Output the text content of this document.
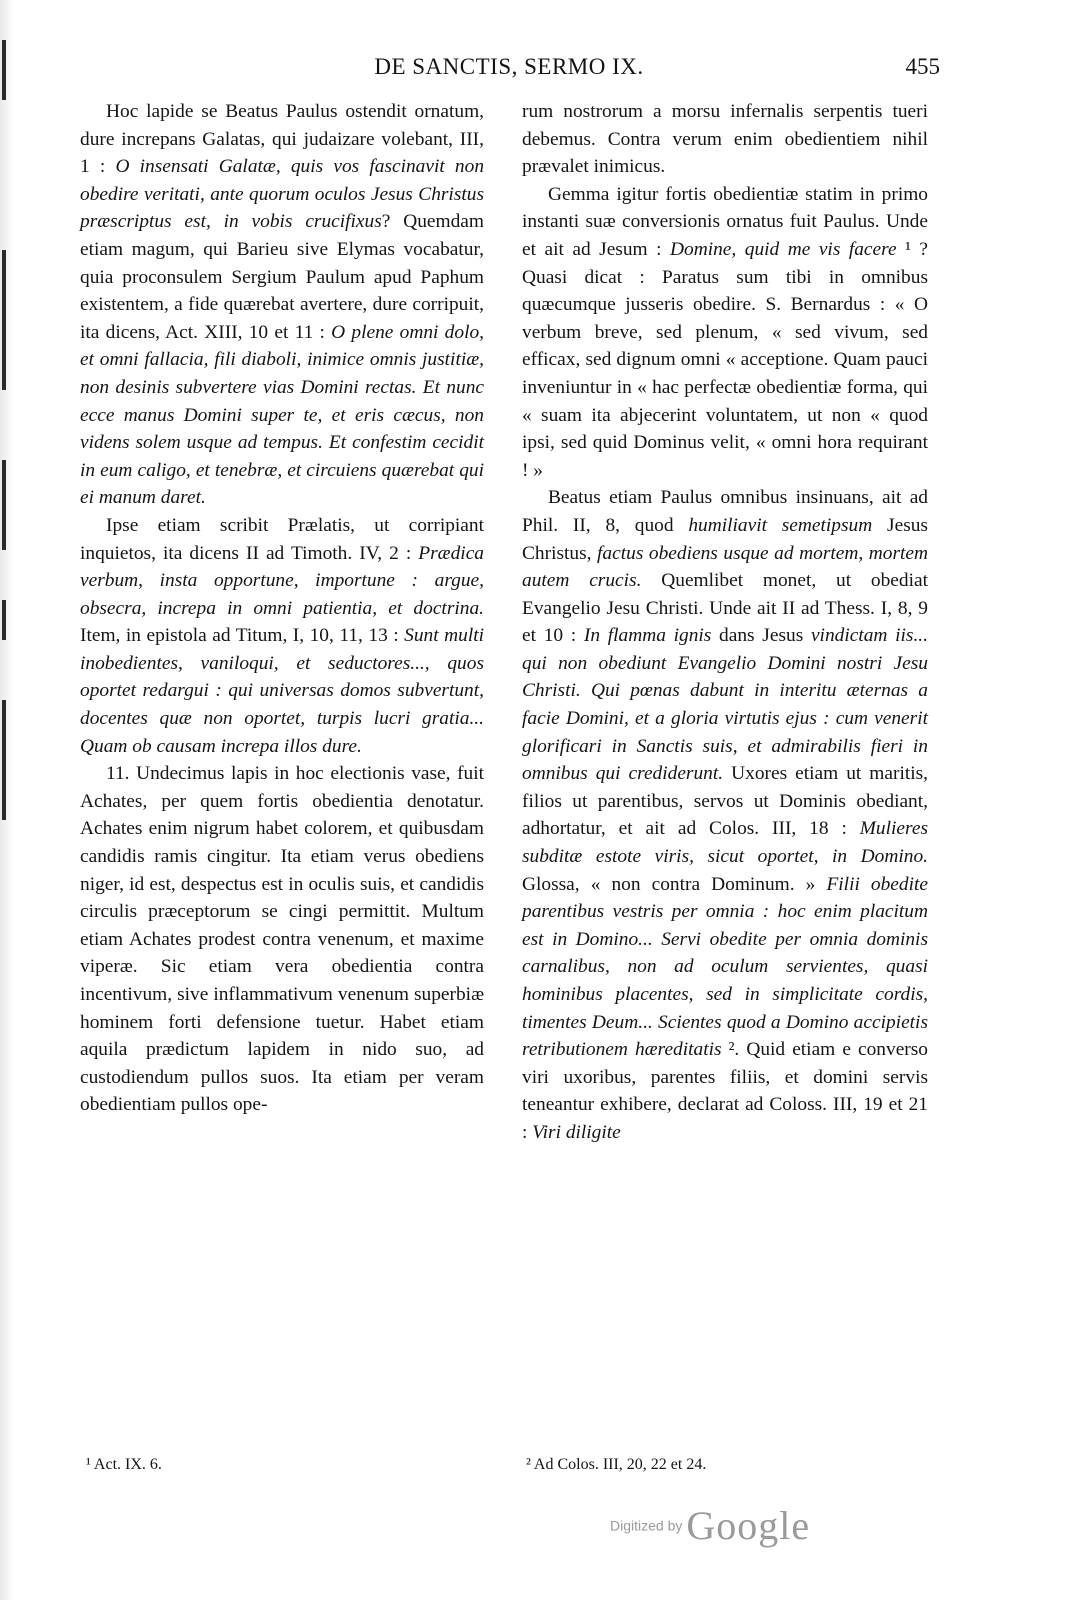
DE SANCTIS, SERMO IX.	455

Hoc lapide se Beatus Paulus ostendit ornatum, dure increpans Galatas, qui judaizare volebant, III, 1 : O insensati Galatæ, quis vos fascinavit non obedire veritati, ante quorum oculos Jesus Christus præscriptus est, in vobis crucifixus? Quemdam etiam magum, qui Barieu sive Elymas vocabatur, quia proconsulem Sergium Paulum apud Paphum existentem, a fide quærebat avertere, dure corripuit, ita dicens, Act. XIII, 10 et 11 : O plene omni dolo, et omni fallacia, fili diaboli, inimice omnis justitiæ, non desinis subvertere vias Domini rectas. Et nunc ecce manus Domini super te, et eris cæcus, non videns solem usque ad tempus. Et confestim cecidit in eum caligo, et tenebræ, et circuiens quærebat qui ei manum daret.

Ipse etiam scribit Prælatis, ut corripiant inquietos, ita dicens II ad Timoth. IV, 2 : Prædica verbum, insta opportune, importune : argue, obsecra, increpa in omni patientia, et doctrina. Item, in epistola ad Titum, I, 10, 11, 13 : Sunt multi inobedientes, vaniloqui, et seductores..., quos oportet redargui : qui universas domos subvertunt, docentes quæ non oportet, turpis lucri gratia... Quam ob causam increpa illos dure.

11. Undecimus lapis in hoc electionis vase, fuit Achates, per quem fortis obedientia denotatur. Achates enim nigrum habet colorem, et quibusdam candidis ramis cingitur. Ita etiam verus obediens niger, id est, despectus est in oculis suis, et candidis circulis præceptorum se cingi permittit. Multum etiam Achates prodest contra venenum, et maxime viperæ. Sic etiam vera obedientia contra incentivum, sive inflammativum venenum superbiæ hominem forti defensione tuetur. Habet etiam aquila prædictum lapidem in nido suo, ad custodiendum pullos suos. Ita etiam per veram obedientiam pullos ope-

rum nostrorum a morsu infernalis serpentis tueri debemus. Contra verum enim obedientiem nihil prævalet inimicus.

Gemma igitur fortis obedientiæ statim in primo instanti suæ conversionis ornatus fuit Paulus. Unde et ait ad Jesum : Domine, quid me vis facere ¹ ? Quasi dicat : Paratus sum tibi in omnibus quæcumque jusseris obedire. S. Bernardus : « O verbum breve, sed plenum, « sed vivum, sed efficax, sed dignum omni « acceptione. Quam pauci inveniuntur in « hac perfectæ obedientiæ forma, qui « suam ita abjecerint voluntatem, ut non « quod ipsi, sed quid Dominus velit, « omni hora requirant ! »

Beatus etiam Paulus omnibus insinuans, ait ad Phil. II, 8, quod humiliavit semetipsum Jesus Christus, factus obediens usque ad mortem, mortem autem crucis. Quemlibet monet, ut obediat Evangelio Jesu Christi. Unde ait II ad Thess. I, 8, 9 et 10 : In flamma ignis dans Jesus vindictam iis... qui non obediunt Evangelio Domini nostri Jesu Christi. Qui pœnas dabunt in interitu æternas a facie Domini, et a gloria virtutis ejus : cum venerit glorificari in Sanctis suis, et admirabilis fieri in omnibus qui crediderunt. Uxores etiam ut maritis, filios ut parentibus, servos ut Dominis obediant, adhortatur, et ait ad Colos. III, 18 : Mulieres subditæ estote viris, sicut oportet, in Domino. Glossa, « non contra Dominum. » Filii obedite parentibus vestris per omnia : hoc enim placitum est in Domino... Servi obedite per omnia dominis carnalibus, non ad oculum servientes, quasi hominibus placentes, sed in simplicitate cordis, timentes Deum... Scientes quod a Domino accipietis retributionem hæreditatis ². Quid etiam e converso viri uxoribus, parentes filiis, et domini servis teneantur exhibere, declarat ad Coloss. III, 19 et 21 : Viri diligite

¹ Act. IX. 6.	² Ad Colos. III, 20, 22 et 24.
Digitized by Google
